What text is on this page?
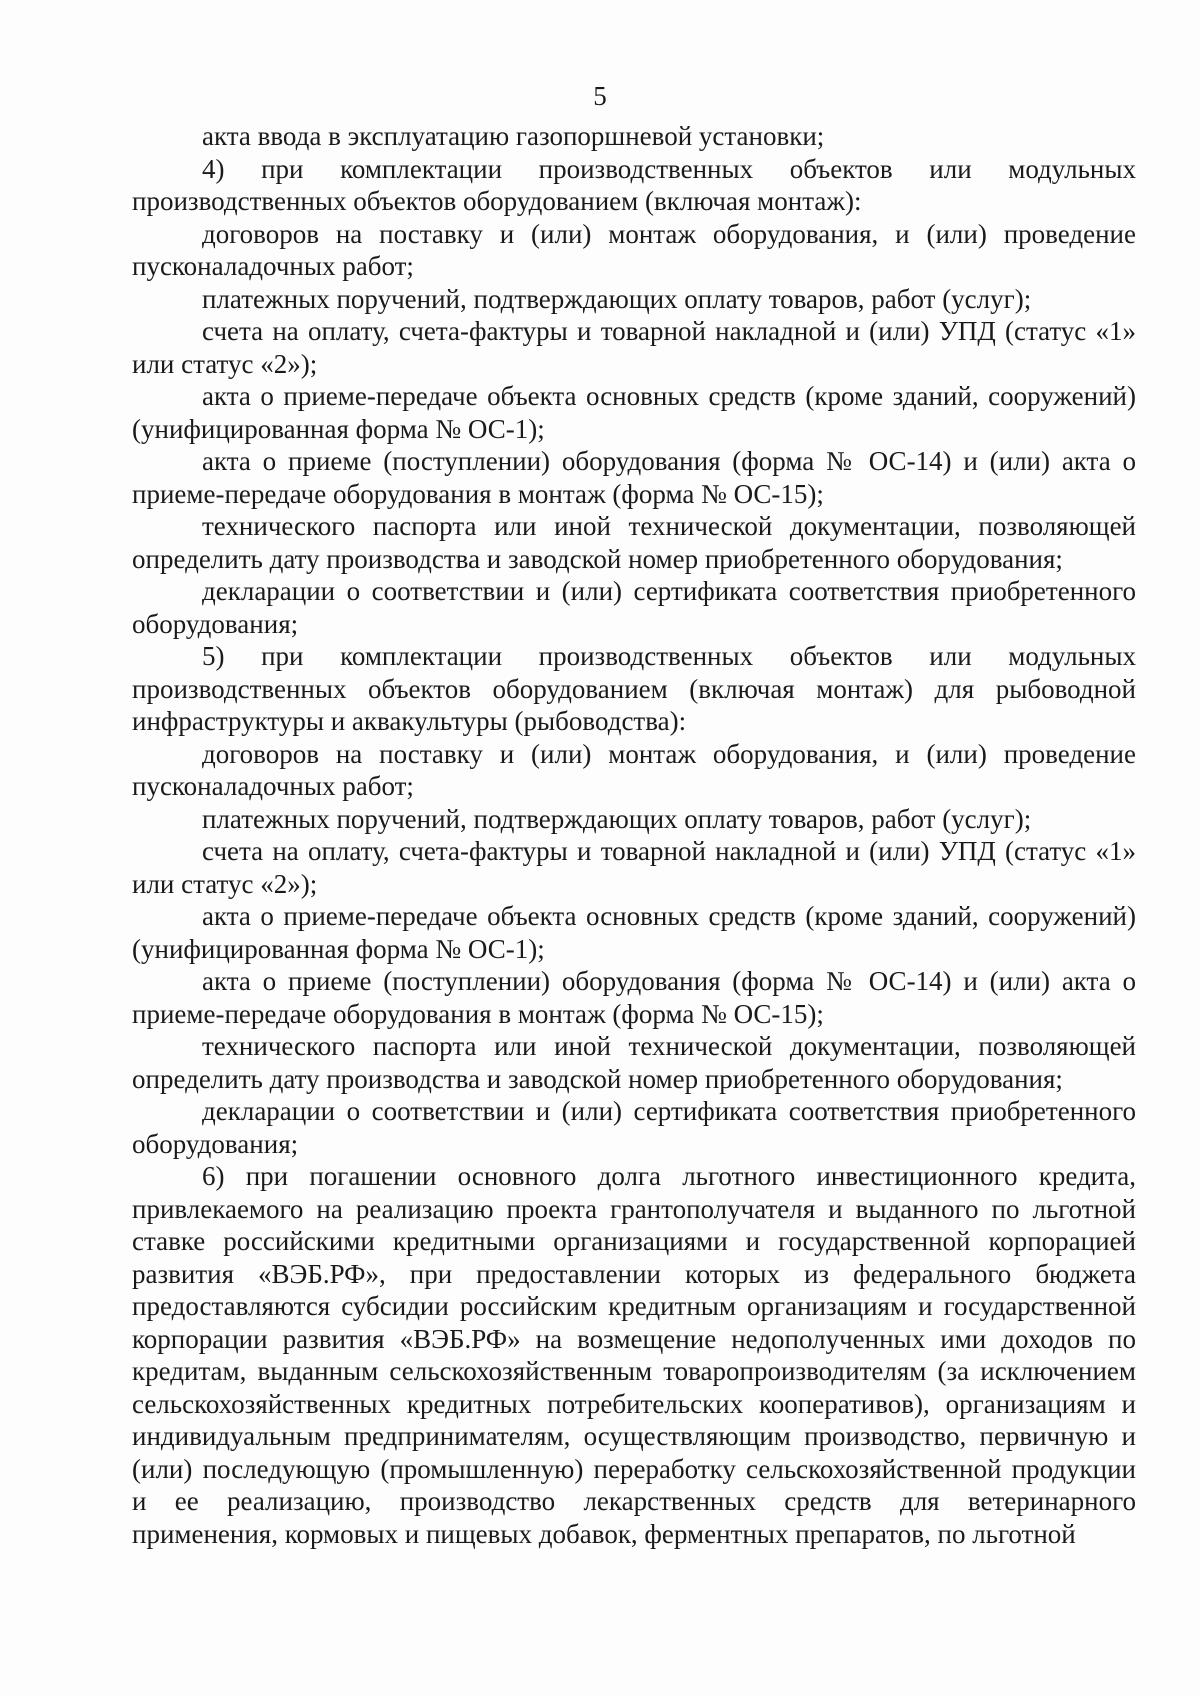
5

акта ввода в эксплуатацию газопоршневой установки;

4) при комплектации производственных объектов или модульных производственных объектов оборудованием (включая монтаж):

договоров на поставку и (или) монтаж оборудования, и (или) проведение пусконаладочных работ;

платежных поручений, подтверждающих оплату товаров, работ (услуг);

счета на оплату, счета-фактуры и товарной накладной и (или) УПД (статус «1» или статус «2»);

акта о приеме-передаче объекта основных средств (кроме зданий, сооружений) (унифицированная форма № ОС-1);

акта о приеме (поступлении) оборудования (форма № ОС-14) и (или) акта о приеме-передаче оборудования в монтаж (форма № ОС-15);

технического паспорта или иной технической документации, позволяющей определить дату производства и заводской номер приобретенного оборудования;

декларации о соответствии и (или) сертификата соответствия приобретенного оборудования;

5) при комплектации производственных объектов или модульных производственных объектов оборудованием (включая монтаж) для рыбоводной инфраструктуры и аквакультуры (рыбоводства):

договоров на поставку и (или) монтаж оборудования, и (или) проведение пусконаладочных работ;

платежных поручений, подтверждающих оплату товаров, работ (услуг);

счета на оплату, счета-фактуры и товарной накладной и (или) УПД (статус «1» или статус «2»);

акта о приеме-передаче объекта основных средств (кроме зданий, сооружений) (унифицированная форма № ОС-1);

акта о приеме (поступлении) оборудования (форма № ОС-14) и (или) акта о приеме-передаче оборудования в монтаж (форма № ОС-15);

технического паспорта или иной технической документации, позволяющей определить дату производства и заводской номер приобретенного оборудования;

декларации о соответствии и (или) сертификата соответствия приобретенного оборудования;

6) при погашении основного долга льготного инвестиционного кредита, привлекаемого на реализацию проекта грантополучателя и выданного по льготной ставке российскими кредитными организациями и государственной корпорацией развития «ВЭБ.РФ», при предоставлении которых из федерального бюджета предоставляются субсидии российским кредитным организациям и государственной корпорации развития «ВЭБ.РФ» на возмещение недополученных ими доходов по кредитам, выданным сельскохозяйственным товаропроизводителям (за исключением сельскохозяйственных кредитных потребительских кооперативов), организациям и индивидуальным предпринимателям, осуществляющим производство, первичную и (или) последующую (промышленную) переработку сельскохозяйственной продукции и ее реализацию, производство лекарственных средств для ветеринарного применения, кормовых и пищевых добавок, ферментных препаратов, по льготной
